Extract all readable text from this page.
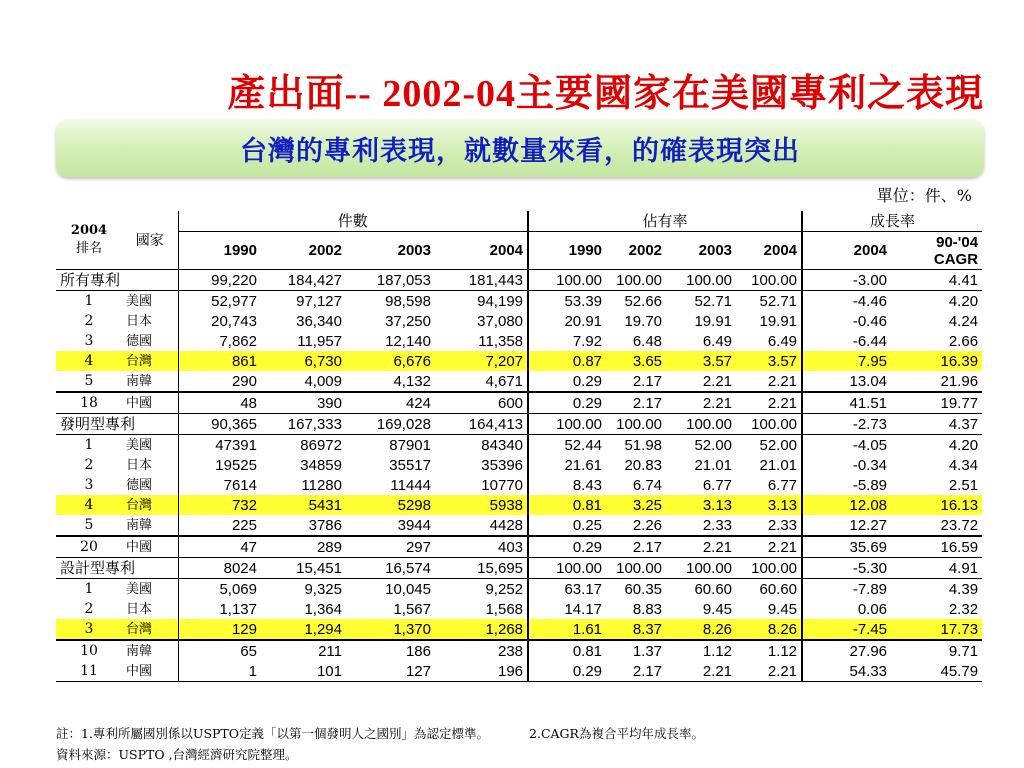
產出面-- 2002-04主要國家在美國專利之表現
台灣的專利表現，就數量來看，的確表現突出
單位：件、%
2004
排名	國家	件數				佔有率				成長率	
		1990	2002	2003	2004	1990	2002	2003	2004	2004	90-'04
CAGR

所有專利		99,220	184,427	187,053	181,443	100.00	100.00	100.00	100.00	-3.00	4.41
1	美國	52,977	97,127	98,598	94,199	53.39	52.66	52.71	52.71	-4.46	4.20
2	日本	20,743	36,340	37,250	37,080	20.91	19.70	19.91	19.91	-0.46	4.24
3	德國	7,862	11,957	12,140	11,358	7.92	6.48	6.49	6.49	-6.44	2.66
4	台灣	861	6,730	6,676	7,207	0.87	3.65	3.57	3.57	7.95	16.39
5	南韓	290	4,009	4,132	4,671	0.29	2.17	2.21	2.21	13.04	21.96
18	中國	48	390	424	600	0.29	2.17	2.21	2.21	41.51	19.77
發明型專利		90,365	167,333	169,028	164,413	100.00	100.00	100.00	100.00	-2.73	4.37
1	美國	47391	86972	87901	84340	52.44	51.98	52.00	52.00	-4.05	4.20
2	日本	19525	34859	35517	35396	21.61	20.83	21.01	21.01	-0.34	4.34
3	德國	7614	11280	11444	10770	8.43	6.74	6.77	6.77	-5.89	2.51
4	台灣	732	5431	5298	5938	0.81	3.25	3.13	3.13	12.08	16.13
5	南韓	225	3786	3944	4428	0.25	2.26	2.33	2.33	12.27	23.72
20	中國	47	289	297	403	0.29	2.17	2.21	2.21	35.69	16.59
設計型專利		8024	15,451	16,574	15,695	100.00	100.00	100.00	100.00	-5.30	4.91
1	美國	5,069	9,325	10,045	9,252	63.17	60.35	60.60	60.60	-7.89	4.39
2	日本	1,137	1,364	1,567	1,568	14.17	8.83	9.45	9.45	0.06	2.32
3	台灣	129	1,294	1,370	1,268	1.61	8.37	8.26	8.26	-7.45	17.73
10	南韓	65	211	186	238	0.81	1.37	1.12	1.12	27.96	9.71
11	中國	1	101	127	196	0.29	2.17	2.21	2.21	54.33	45.79
註：1.專利所屬國別係以USPTO定義「以第一個發明人之國別」為認定標準。	2.CAGR為複合平均年成長率。
資料來源：USPTO ,台灣經濟研究院整理。
